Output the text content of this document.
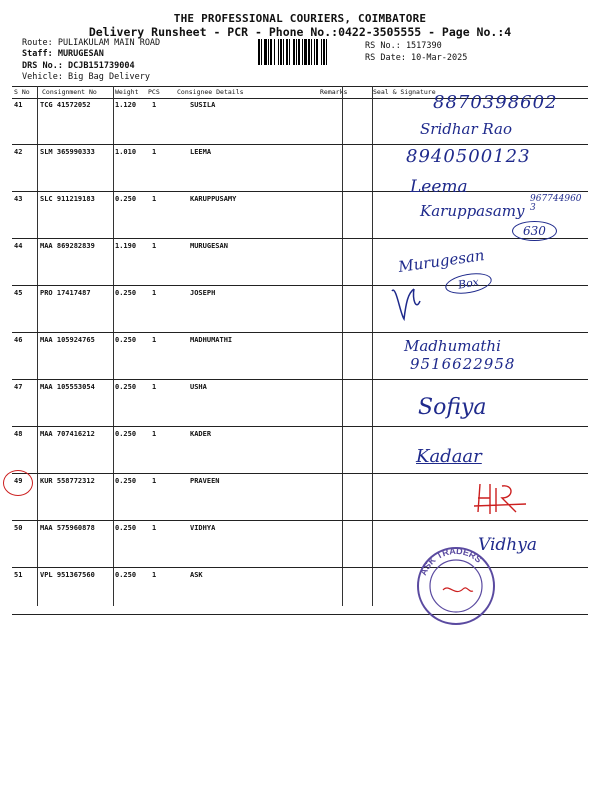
THE PROFESSIONAL COURIERS, COIMBATORE
Delivery Runsheet - PCR - Phone No.:0422-3505555 - Page No.:4
Route: PULIAKULAM MAIN ROAD
Staff: MURUGESAN
DRS No.: DCJB151739004
Vehicle: Big Bag Delivery
RS No.: 1517390
RS Date: 10-Mar-2025
S No Consignment No	Weight PCS	Consignee Details	Remarks	Seal & Signature
41	TCG 41572052	1.120 1	SUSILA
42	SLM 365990333	1.010 1	LEEMA
43	SLC 911219183	0.250 1	KARUPPUSAMY
44	MAA 869282839	1.190 1	MURUGESAN
45	PRO 17417487	0.250 1	JOSEPH
46	MAA 105924765	0.250 1	MADHUMATHI
47	MAA 105553054	0.250 1	USHA
48	MAA 707416212	0.250 1	KADER
49	KUR 558772312	0.250 1	PRAVEEN
50	MAA 575960878	0.250 1	VIDHYA
51	VPL 951367560	0.250 1	ASK
8870398602
Sridhar Rao
8940500123
Leema
Karuppasamy
9677449603
630
Murugesan
Box
Madhumathi
9516622958
Sofiya
Kadaar
ASK TRADERS
Vidhya
